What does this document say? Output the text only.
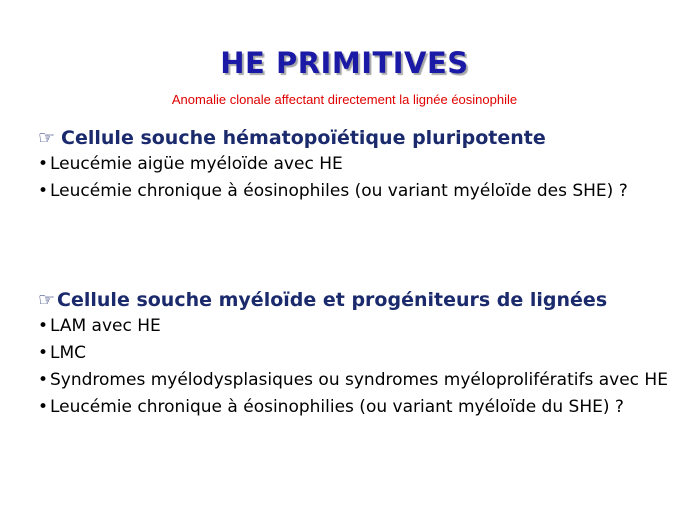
HE PRIMITIVES
Anomalie clonale affectant directement la lignée éosinophile
☞ Cellule souche hématopoïétique pluripotente
• Leucémie aigüe myéloïde avec HE
• Leucémie chronique à éosinophiles (ou variant myéloïde des SHE) ?
☞ Cellule souche myéloïde et progéniteurs de lignées
• LAM avec HE
• LMC
• Syndromes myélodysplasiques ou syndromes myéloprolifératifs avec HE
• Leucémie chronique à éosinophilies (ou variant myéloïde du SHE) ?
